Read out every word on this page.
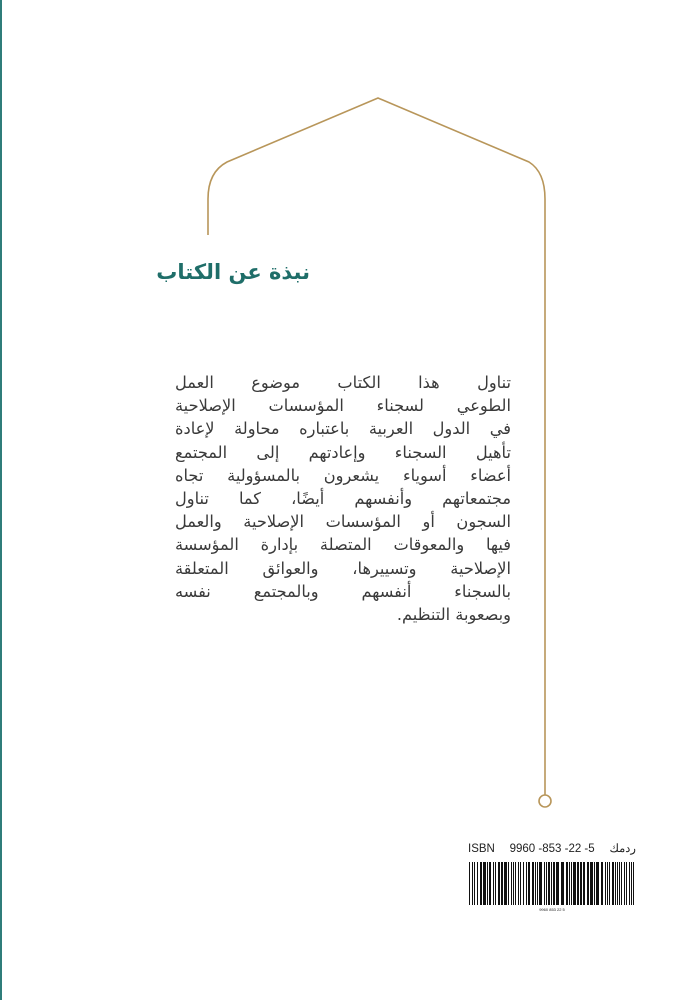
نبذة عن الكتاب
تناول هذا الكتاب موضوع العمل
الطوعي لسجناء المؤسسات الإصلاحية
في الدول العربية باعتباره محاولة لإعادة
تأهيل السجناء وإعادتهم إلى المجتمع
أعضاء أسوياء يشعرون بالمسؤولية تجاه
مجتمعاتهم وأنفسهم أيضًا، كما تناول
السجون أو المؤسسات الإصلاحية والعمل
فيها والمعوقات المتصلة بإدارة المؤسسة
الإصلاحية وتسييرها، والعوائق المتعلقة
بالسجناء أنفسهم وبالمجتمع نفسه
وبصعوبة التنظيم.
ISBN 9960 -853 -22 -5 ردمك
9960 853 22 5
